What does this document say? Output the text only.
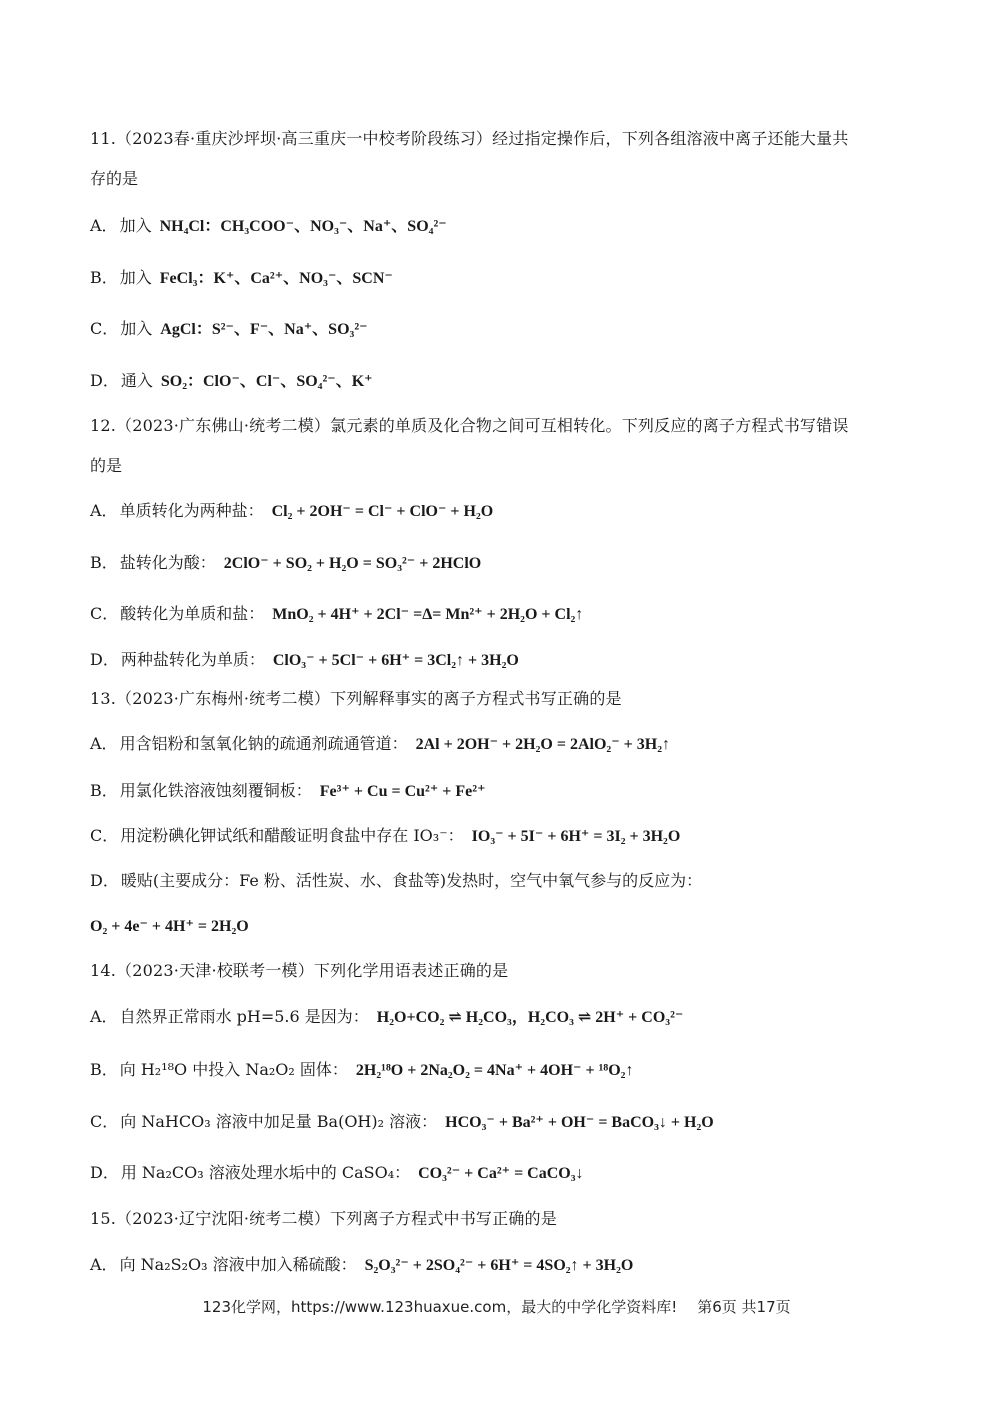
11.（2023春·重庆沙坪坝·高三重庆一中校考阶段练习）经过指定操作后，下列各组溶液中离子还能大量共
存的是
A． 加入 NH₄Cl：CH₃COO⁻、NO₃⁻、Na⁺、SO₄²⁻
B． 加入 FeCl₃：K⁺、Ca²⁺、NO₃⁻、SCN⁻
C． 加入 AgCl：S²⁻、F⁻、Na⁺、SO₃²⁻
D． 通入 SO₂：ClO⁻、Cl⁻、SO₄²⁻、K⁺
12.（2023·广东佛山·统考二模）氯元素的单质及化合物之间可互相转化。下列反应的离子方程式书写错误
的是
A． 单质转化为两种盐： Cl₂ + 2OH⁻ = Cl⁻ + ClO⁻ + H₂O
B． 盐转化为酸： 2ClO⁻ + SO₂ + H₂O = SO₃²⁻ + 2HClO
C． 酸转化为单质和盐： MnO₂ + 4H⁺ + 2Cl⁻ =Δ= Mn²⁺ + 2H₂O + Cl₂↑
D． 两种盐转化为单质： ClO₃⁻ + 5Cl⁻ + 6H⁺ = 3Cl₂↑ + 3H₂O
13.（2023·广东梅州·统考二模）下列解释事实的离子方程式书写正确的是
A． 用含铝粉和氢氧化钠的疏通剂疏通管道： 2Al + 2OH⁻ + 2H₂O = 2AlO₂⁻ + 3H₂↑
B． 用氯化铁溶液蚀刻覆铜板： Fe³⁺ + Cu = Cu²⁺ + Fe²⁺
C． 用淀粉碘化钾试纸和醋酸证明食盐中存在 IO₃⁻： IO₃⁻ + 5I⁻ + 6H⁺ = 3I₂ + 3H₂O
D． 暖贴(主要成分：Fe 粉、活性炭、水、食盐等)发热时，空气中氧气参与的反应为：
O₂ + 4e⁻ + 4H⁺ = 2H₂O
14.（2023·天津·校联考一模）下列化学用语表述正确的是
A． 自然界正常雨水 pH=5.6 是因为： H₂O+CO₂ ⇌ H₂CO₃，H₂CO₃ ⇌ 2H⁺ + CO₃²⁻
B． 向 H₂¹⁸O 中投入 Na₂O₂ 固体： 2H₂¹⁸O + 2Na₂O₂ = 4Na⁺ + 4OH⁻ + ¹⁸O₂↑
C． 向 NaHCO₃ 溶液中加足量 Ba(OH)₂ 溶液： HCO₃⁻ + Ba²⁺ + OH⁻ = BaCO₃↓ + H₂O
D． 用 Na₂CO₃ 溶液处理水垢中的 CaSO₄： CO₃²⁻ + Ca²⁺ = CaCO₃↓
15.（2023·辽宁沈阳·统考二模）下列离子方程式中书写正确的是
A． 向 Na₂S₂O₃ 溶液中加入稀硫酸： S₂O₃²⁻ + 2SO₄²⁻ + 6H⁺ = 4SO₂↑ + 3H₂O
123化学网，https://www.123huaxue.com，最大的中学化学资料库! 第6页 共17页
